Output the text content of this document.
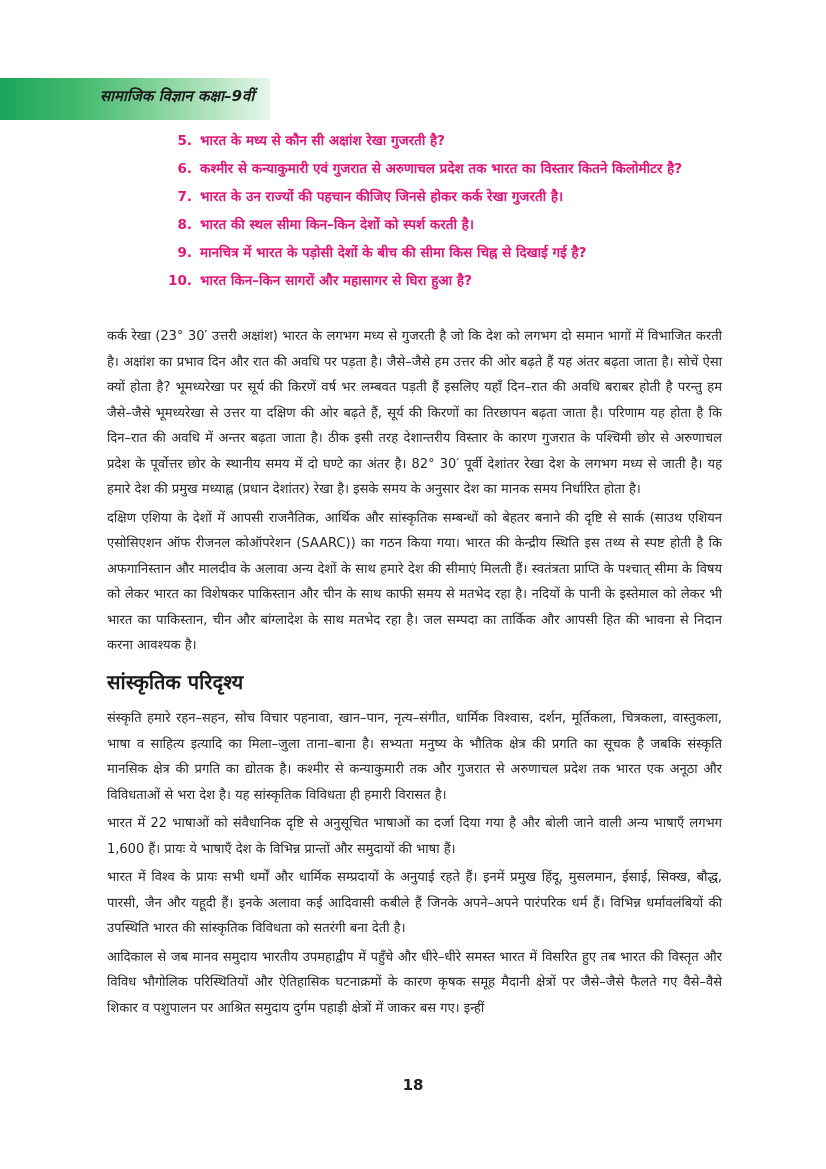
सामाजिक विज्ञान कक्षा–9वीं
5. भारत के मध्य से कौन सी अक्षांश रेखा गुजरती है?
6. कश्मीर से कन्याकुमारी एवं गुजरात से अरुणाचल प्रदेश तक भारत का विस्तार कितने किलोमीटर है?
7. भारत के उन राज्यों की पहचान कीजिए जिनसे होकर कर्क रेखा गुजरती है।
8. भारत की स्थल सीमा किन–किन देशों को स्पर्श करती है।
9. मानचित्र में भारत के पड़ोसी देशों के बीच की सीमा किस चिह्न से दिखाई गई है?
10. भारत किन–किन सागरों और महासागर से घिरा हुआ है?

कर्क रेखा (23° 30′ उत्तरी अक्षांश) भारत के लगभग मध्य से गुजरती है जो कि देश को लगभग दो समान भागों में विभाजित करती है। अक्षांश का प्रभाव दिन और रात की अवधि पर पड़ता है। जैसे–जैसे हम उत्तर की ओर बढ़ते हैं यह अंतर बढ़ता जाता है। सोचें ऐसा क्यों होता है? भूमध्यरेखा पर सूर्य की किरणें वर्ष भर लम्बवत पड़ती हैं इसलिए यहाँ दिन–रात की अवधि बराबर होती है परन्तु हम जैसे–जैसे भूमध्यरेखा से उत्तर या दक्षिण की ओर बढ़ते हैं, सूर्य की किरणों का तिरछापन बढ़ता जाता है। परिणाम यह होता है कि दिन–रात की अवधि में अन्तर बढ़ता जाता है। ठीक इसी तरह देशान्तरीय विस्तार के कारण गुजरात के पश्चिमी छोर से अरुणाचल प्रदेश के पूर्वोत्तर छोर के स्थानीय समय में दो घण्टे का अंतर है। 82° 30′ पूर्वी देशांतर रेखा देश के लगभग मध्य से जाती है। यह हमारे देश की प्रमुख मध्याह्न (प्रधान देशांतर) रेखा है। इसके समय के अनुसार देश का मानक समय निर्धारित होता है।

दक्षिण एशिया के देशों में आपसी राजनैतिक, आर्थिक और सांस्कृतिक सम्बन्धों को बेहतर बनाने की दृष्टि से सार्क (साउथ एशियन एसोसिएशन ऑफ रीजनल कोऑपरेशन (SAARC)) का गठन किया गया। भारत की केन्द्रीय स्थिति इस तथ्य से स्पष्ट होती है कि अफगानिस्तान और मालदीव के अलावा अन्य देशों के साथ हमारे देश की सीमाएं मिलती हैं। स्वतंत्रता प्राप्ति के पश्चात् सीमा के विषय को लेकर भारत का विशेषकर पाकिस्तान और चीन के साथ काफी समय से मतभेद रहा है। नदियों के पानी के इस्तेमाल को लेकर भी भारत का पाकिस्तान, चीन और बांग्लादेश के साथ मतभेद रहा है। जल सम्पदा का तार्किक और आपसी हित की भावना से निदान करना आवश्यक है।

सांस्कृतिक परिदृश्य

संस्कृति हमारे रहन–सहन, सोच विचार पहनावा, खान–पान, नृत्य–संगीत, धार्मिक विश्वास, दर्शन, मूर्तिकला, चित्रकला, वास्तुकला, भाषा व साहित्य इत्यादि का मिला–जुला ताना–बाना है। सभ्यता मनुष्य के भौतिक क्षेत्र की प्रगति का सूचक है जबकि संस्कृति मानसिक क्षेत्र की प्रगति का द्योतक है। कश्मीर से कन्याकुमारी तक और गुजरात से अरुणाचल प्रदेश तक भारत एक अनूठा और विविधताओं से भरा देश है। यह सांस्कृतिक विविधता ही हमारी विरासत है।

भारत में 22 भाषाओं को संवैधानिक दृष्टि से अनुसूचित भाषाओं का दर्जा दिया गया है और बोली जाने वाली अन्य भाषाएँ लगभग 1,600 हैं। प्रायः ये भाषाएँ देश के विभिन्न प्रान्तों और समुदायों की भाषा हैं।

भारत में विश्व के प्रायः सभी धर्मों और धार्मिक सम्प्रदायों के अनुयाई रहते हैं। इनमें प्रमुख हिंदू, मुसलमान, ईसाई, सिक्ख, बौद्ध, पारसी, जैन और यहूदी हैं। इनके अलावा कई आदिवासी कबीले हैं जिनके अपने–अपने पारंपरिक धर्म हैं। विभिन्न धर्मावलंबियों की उपस्थिति भारत की सांस्कृतिक विविधता को सतरंगी बना देती है।

आदिकाल से जब मानव समुदाय भारतीय उपमहाद्वीप में पहुँचे और धीरे–धीरे समस्त भारत में विसरित हुए तब भारत की विस्तृत और विविध भौगोलिक परिस्थितियों और ऐतिहासिक घटनाक्रमों के कारण कृषक समूह मैदानी क्षेत्रों पर जैसे–जैसे फैलते गए वैसे–वैसे शिकार व पशुपालन पर आश्रित समुदाय दुर्गम पहाड़ी क्षेत्रों में जाकर बस गए। इन्हीं

18
